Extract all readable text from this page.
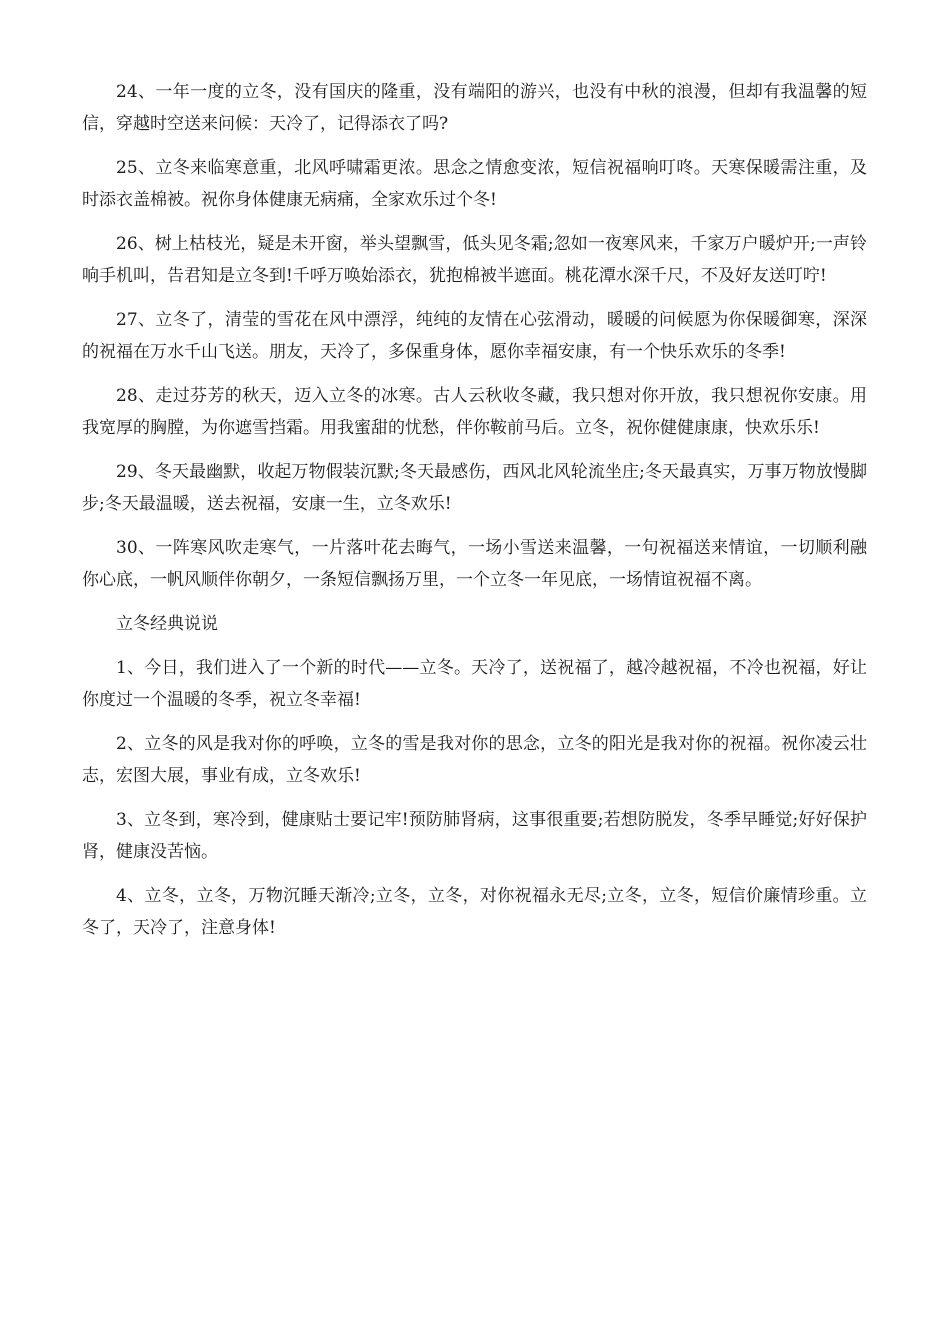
24、一年一度的立冬，没有国庆的隆重，没有端阳的游兴，也没有中秋的浪漫，但却有我温馨的短信，穿越时空送来问候：天冷了，记得添衣了吗?

25、立冬来临寒意重，北风呼啸霜更浓。思念之情愈变浓，短信祝福响叮咚。天寒保暖需注重，及时添衣盖棉被。祝你身体健康无病痛，全家欢乐过个冬!

26、树上枯枝光，疑是未开窗，举头望飘雪，低头见冬霜;忽如一夜寒风来，千家万户暖炉开;一声铃响手机叫，告君知是立冬到!千呼万唤始添衣，犹抱棉被半遮面。桃花潭水深千尺，不及好友送叮咛!

27、立冬了，清莹的雪花在风中漂浮，纯纯的友情在心弦滑动，暖暖的问候愿为你保暖御寒，深深的祝福在万水千山飞送。朋友，天冷了，多保重身体，愿你幸福安康，有一个快乐欢乐的冬季!

28、走过芬芳的秋天，迈入立冬的冰寒。古人云秋收冬藏，我只想对你开放，我只想祝你安康。用我宽厚的胸膛，为你遮雪挡霜。用我蜜甜的忧愁，伴你鞍前马后。立冬，祝你健健康康，快欢乐乐!

29、冬天最幽默，收起万物假装沉默;冬天最感伤，西风北风轮流坐庄;冬天最真实，万事万物放慢脚步;冬天最温暖，送去祝福，安康一生，立冬欢乐!

30、一阵寒风吹走寒气，一片落叶花去晦气，一场小雪送来温馨，一句祝福送来情谊，一切顺利融你心底，一帆风顺伴你朝夕，一条短信飘扬万里，一个立冬一年见底，一场情谊祝福不离。

立冬经典说说

1、今日，我们进入了一个新的时代——立冬。天冷了，送祝福了，越冷越祝福，不冷也祝福，好让你度过一个温暖的冬季，祝立冬幸福!

2、立冬的风是我对你的呼唤，立冬的雪是我对你的思念，立冬的阳光是我对你的祝福。祝你凌云壮志，宏图大展，事业有成，立冬欢乐!

3、立冬到，寒冷到，健康贴士要记牢!预防肺肾病，这事很重要;若想防脱发，冬季早睡觉;好好保护肾，健康没苦恼。

4、立冬，立冬，万物沉睡天渐冷;立冬，立冬，对你祝福永无尽;立冬，立冬，短信价廉情珍重。立冬了，天冷了，注意身体!
